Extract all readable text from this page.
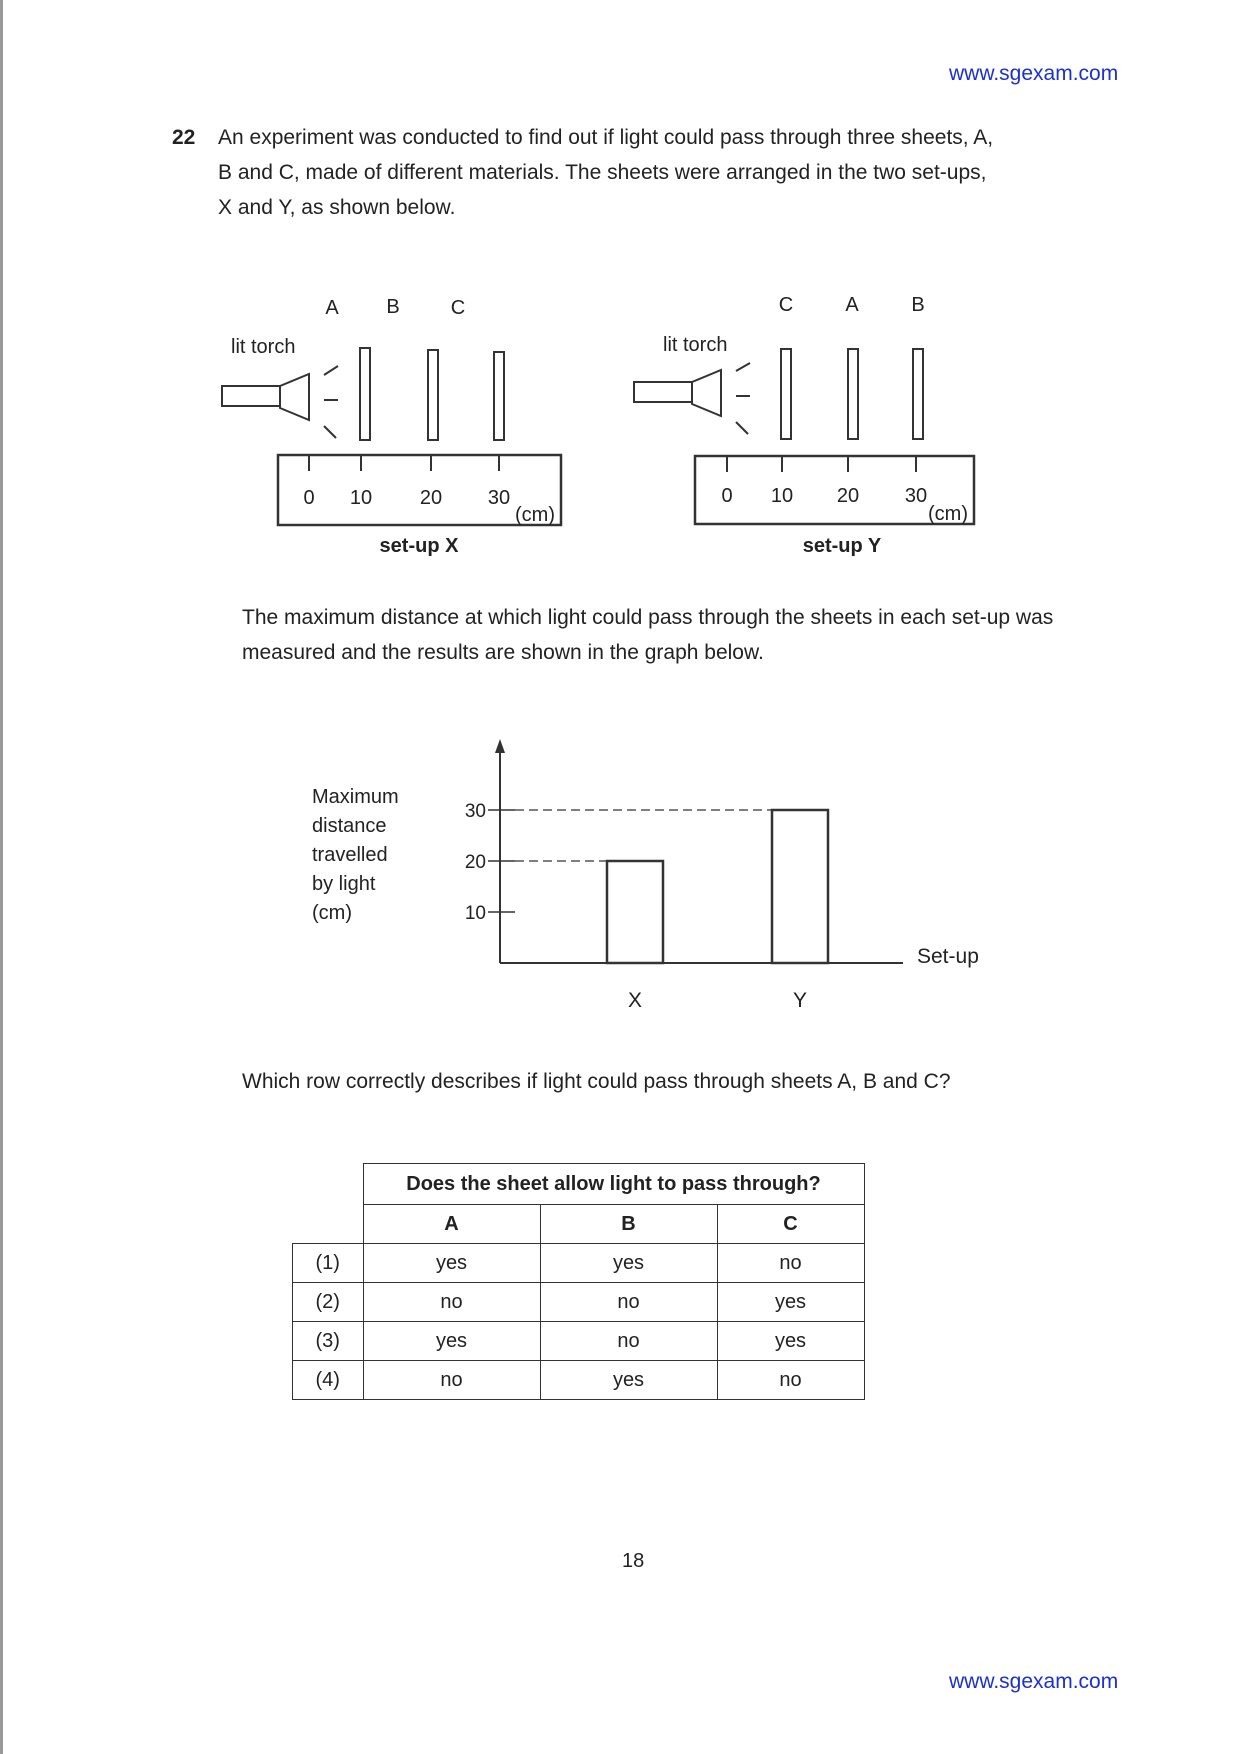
www.sgexam.com
22 An experiment was conducted to find out if light could pass through three sheets, A, B and C, made of different materials. The sheets were arranged in the two set-ups, X and Y, as shown below.
A B	C
lit torch
0 10 20 30
(cm)
set-up X
C	A	B
lit torch
0 10 20 30
(cm)
set-up Y
The maximum distance at which light could pass through the sheets in each set-up was measured and the results are shown in the graph below.
Maximum
distance
travelled
by light
(cm)	10
20
30
X	Y
Set-up
Which row correctly describes if light could pass through sheets A, B and C?
	Does the sheet allow light to pass through?		
	A	B	C
(1)	yes	yes	no
(2)	no	no	yes
(3)	yes	no	yes
(4)	no	yes	no
18
www.sgexam.com
